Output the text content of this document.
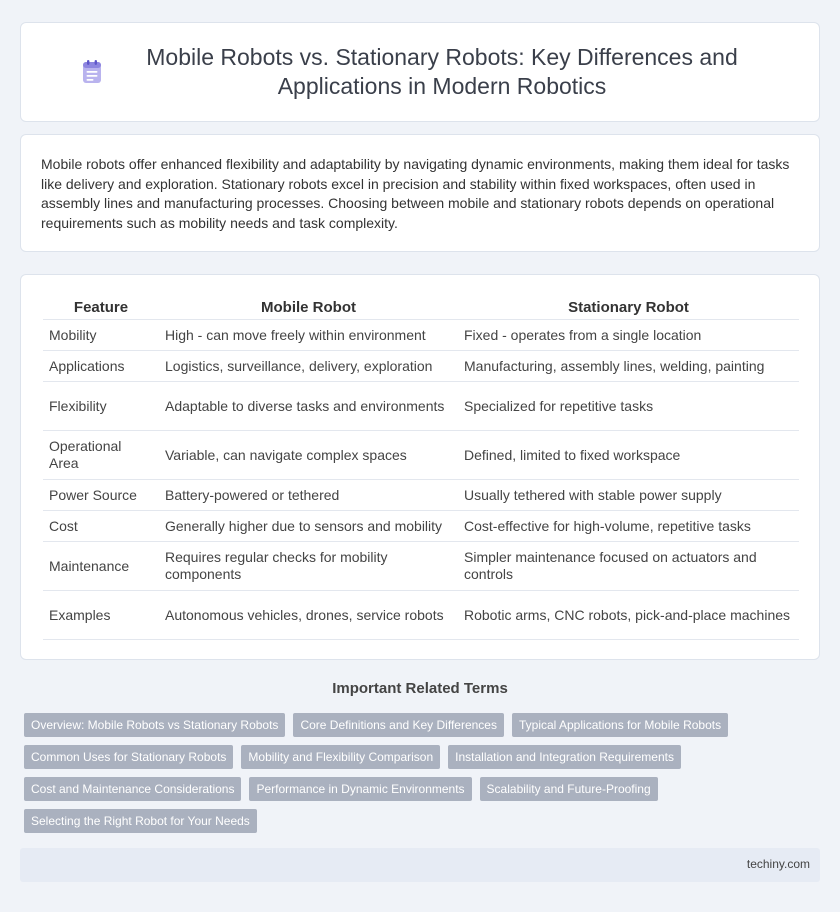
Mobile Robots vs. Stationary Robots: Key Differences and Applications in Modern Robotics

Mobile robots offer enhanced flexibility and adaptability by navigating dynamic environments, making them ideal for tasks like delivery and exploration. Stationary robots excel in precision and stability within fixed workspaces, often used in assembly lines and manufacturing processes. Choosing between mobile and stationary robots depends on operational requirements such as mobility needs and task complexity.

Feature	Mobile Robot	Stationary Robot
Mobility	High - can move freely within environment	Fixed - operates from a single location
Applications	Logistics, surveillance, delivery, exploration	Manufacturing, assembly lines, welding, painting
Flexibility	Adaptable to diverse tasks and environments	Specialized for repetitive tasks
Operational Area	Variable, can navigate complex spaces	Defined, limited to fixed workspace
Power Source	Battery-powered or tethered	Usually tethered with stable power supply
Cost	Generally higher due to sensors and mobility	Cost-effective for high-volume, repetitive tasks
Maintenance	Requires regular checks for mobility components	Simpler maintenance focused on actuators and controls
Examples	Autonomous vehicles, drones, service robots	Robotic arms, CNC robots, pick-and-place machines
Important Related Terms
Overview: Mobile Robots vs Stationary Robots	Core Definitions and Key Differences	Typical Applications for Mobile Robots
Common Uses for Stationary Robots	Mobility and Flexibility Comparison	Installation and Integration Requirements
Cost and Maintenance Considerations	Performance in Dynamic Environments	Scalability and Future-Proofing
Selecting the Right Robot for Your Needs
techiny.com
